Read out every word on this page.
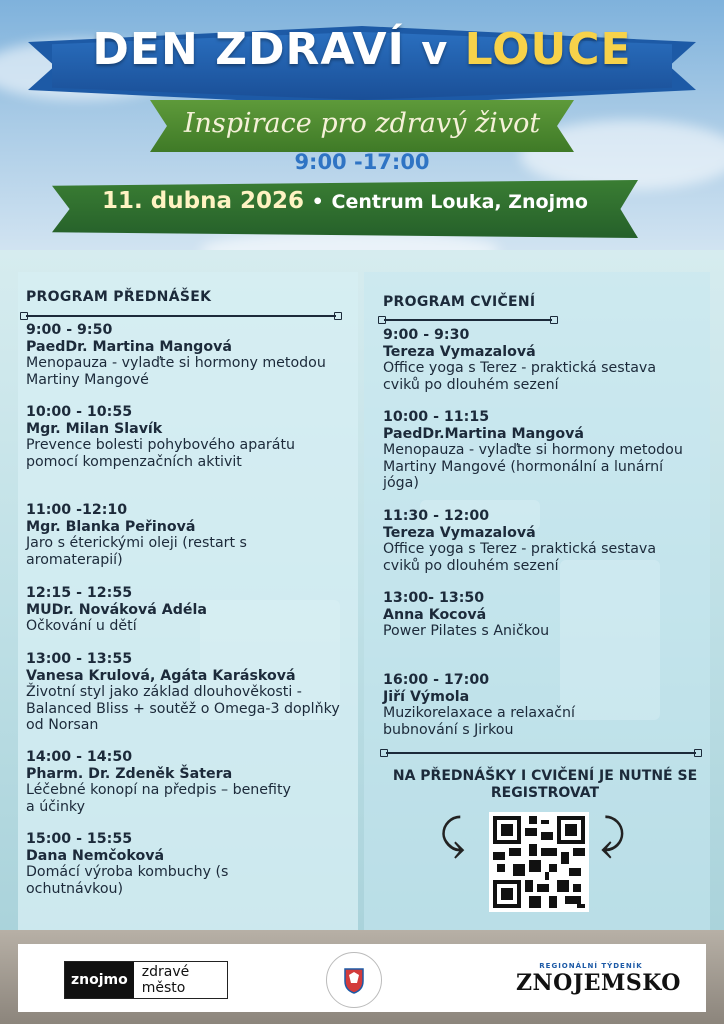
DEN ZDRAVÍ v LOUCE
Inspirace pro zdravý život
9:00 -17:00
11. dubna 2026 • Centrum Louka, Znojmo
PROGRAM PŘEDNÁŠEK
9:00 - 9:50
PaedDr. Martina Mangová
Menopauza - vylaďte si hormony metodou Martiny Mangové
10:00 - 10:55
Mgr. Milan Slavík
Prevence bolesti pohybového aparátu pomocí kompenzačních aktivit
11:00 -12:10
Mgr. Blanka Peřinová
Jaro s éterickými oleji (restart s aromaterapií)
12:15 - 12:55
MUDr. Nováková Adéla
Očkování u dětí
13:00 - 13:55
Vanesa Krulová, Agáta Karásková
Životní styl jako základ dlouhověkosti - Balanced Bliss + soutěž o Omega-3 doplňky od Norsan
14:00 - 14:50
Pharm. Dr. Zdeněk Šatera
Léčebné konopí na předpis – benefity a účinky
15:00 - 15:55
Dana Nemčoková
Domácí výroba kombuchy (s ochutnávkou)
PROGRAM CVIČENÍ
9:00 - 9:30
Tereza Vymazalová
Office yoga s Terez - praktická sestava cviků po dlouhém sezení
10:00 - 11:15
PaedDr.Martina Mangová
Menopauza - vylaďte si hormony metodou Martiny Mangové (hormonální a lunární jóga)
11:30 - 12:00
Tereza Vymazalová
Office yoga s Terez - praktická sestava cviků po dlouhém sezení
13:00- 13:50
Anna Kocová
Power Pilates s Aničkou
16:00 - 17:00
Jiří Výmola
Muzikorelaxace a relaxační bubnování s Jirkou
NA PŘEDNÁŠKY I CVIČENÍ JE NUTNÉ SE REGISTROVAT
⤹	⤸
znojmo	zdravé město
REGIONÁLNÍ TÝDENÍK
ZNOJEMSKO
